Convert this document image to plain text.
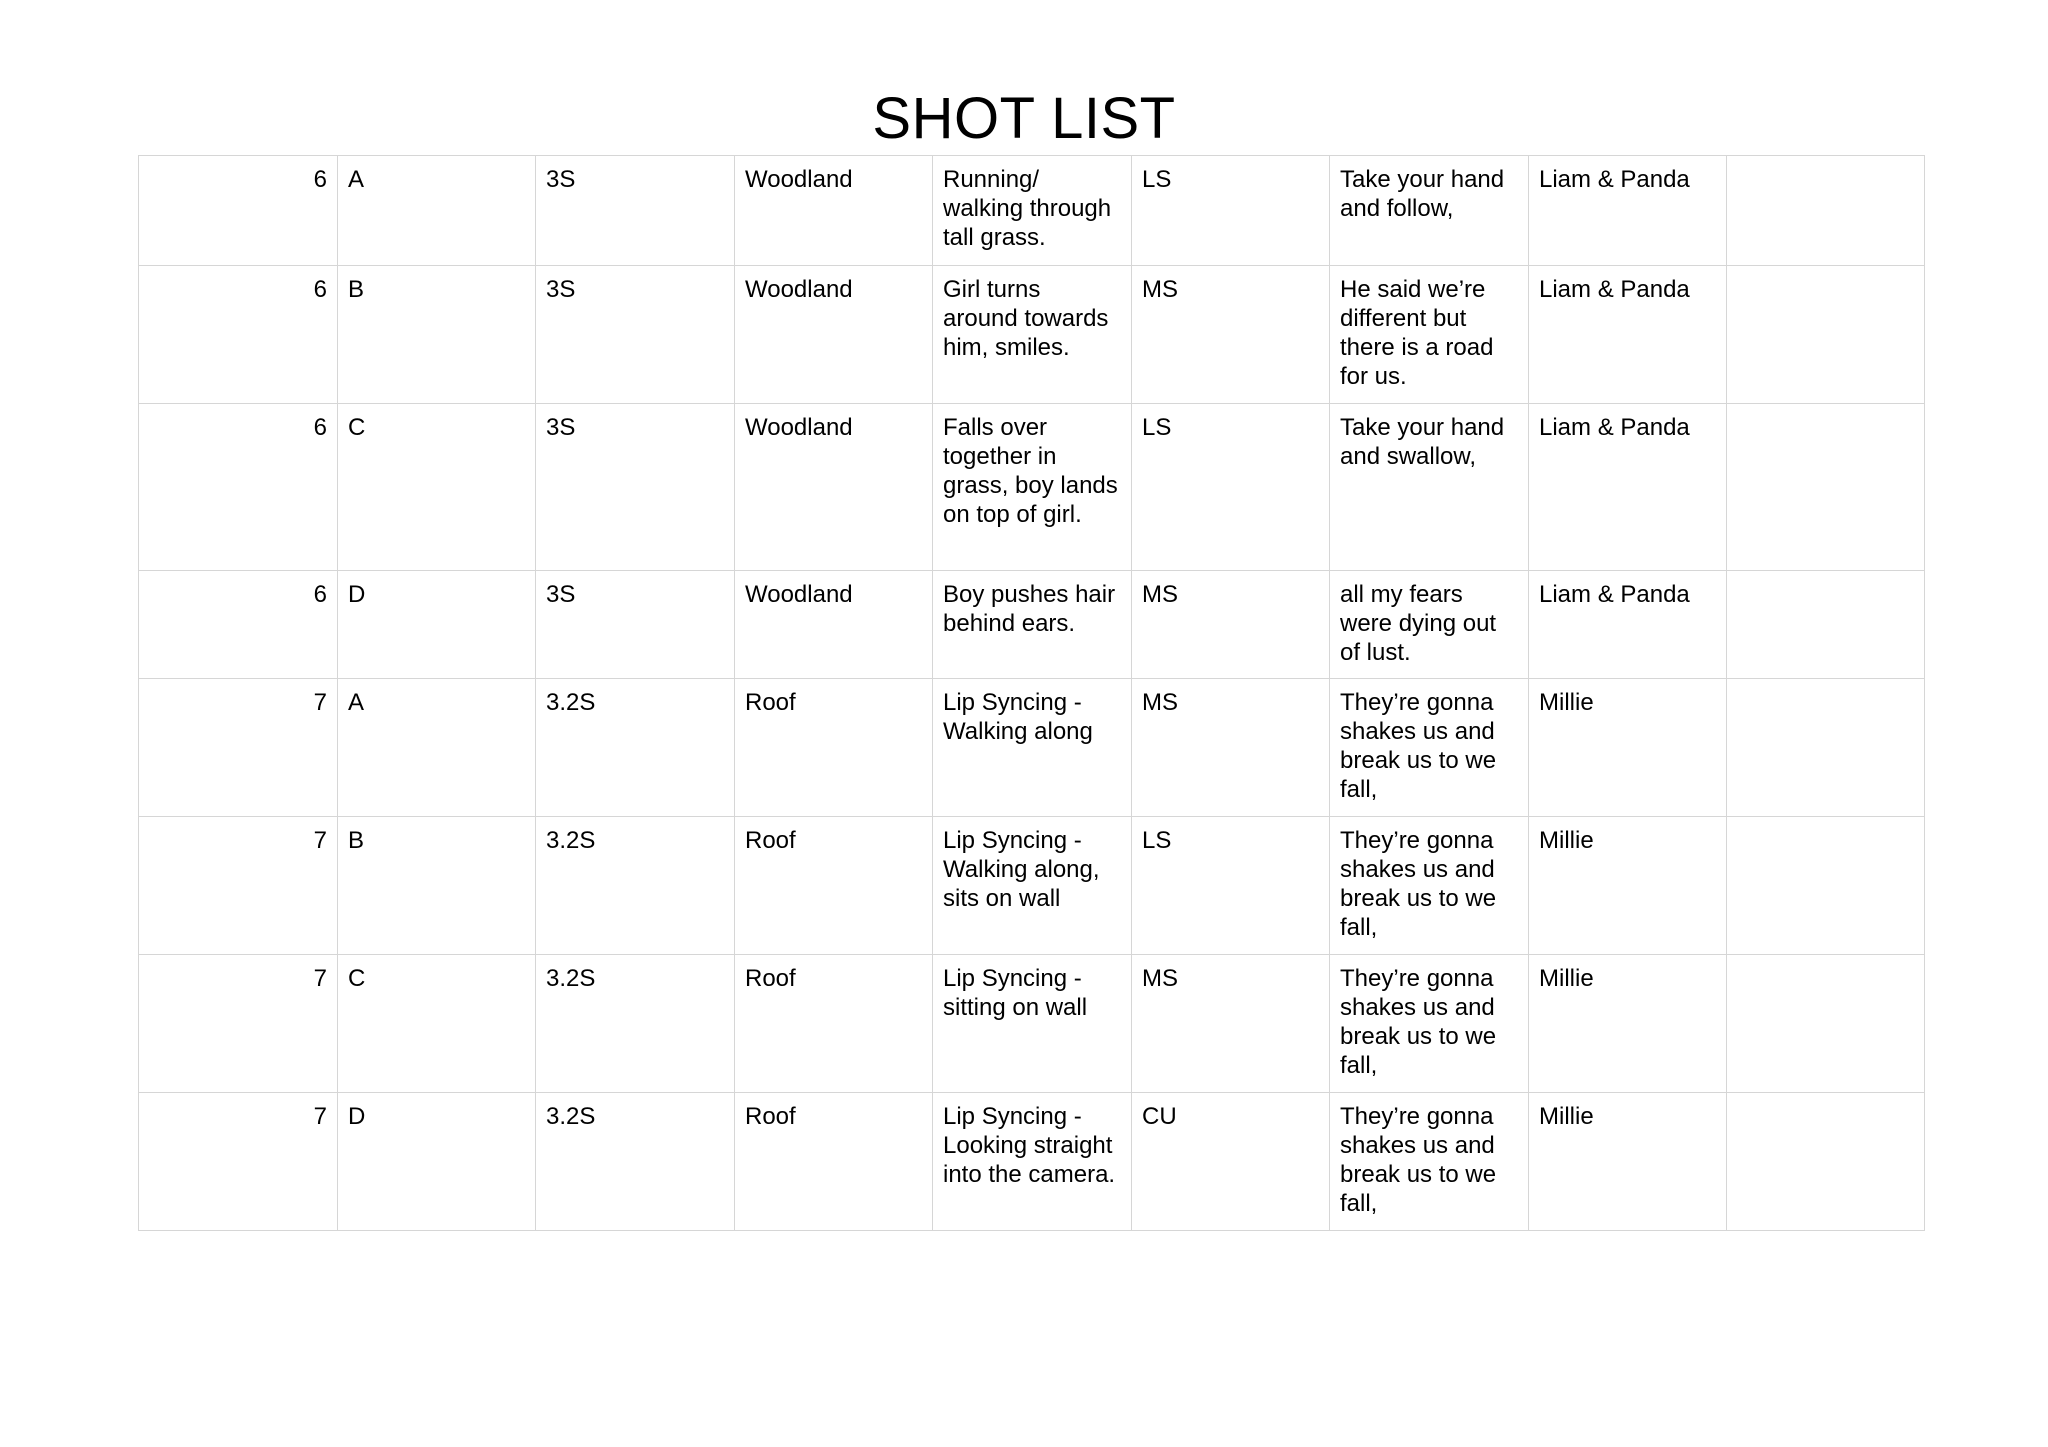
SHOT LIST
6	A	3S	Woodland	Running/ walking through tall grass.	LS	Take your hand and follow,	Liam & Panda	
6	B	3S	Woodland	Girl turns around towards him, smiles.	MS	He said we’re different but there is a road for us.	Liam & Panda	
6	C	3S	Woodland	Falls over together in grass, boy lands on top of girl.	LS	Take your hand and swallow,	Liam & Panda	
6	D	3S	Woodland	Boy pushes hair behind ears.	MS	all my fears were dying out of lust.	Liam & Panda	
7	A	3.2S	Roof	Lip Syncing - Walking along	MS	They’re gonna shakes us and break us to we fall,	Millie	
7	B	3.2S	Roof	Lip Syncing - Walking along, sits on wall	LS	They’re gonna shakes us and break us to we fall,	Millie	
7	C	3.2S	Roof	Lip Syncing - sitting on wall	MS	They’re gonna shakes us and break us to we fall,	Millie	
7	D	3.2S	Roof	Lip Syncing - Looking straight into the camera.	CU	They’re gonna shakes us and break us to we fall,	Millie	
